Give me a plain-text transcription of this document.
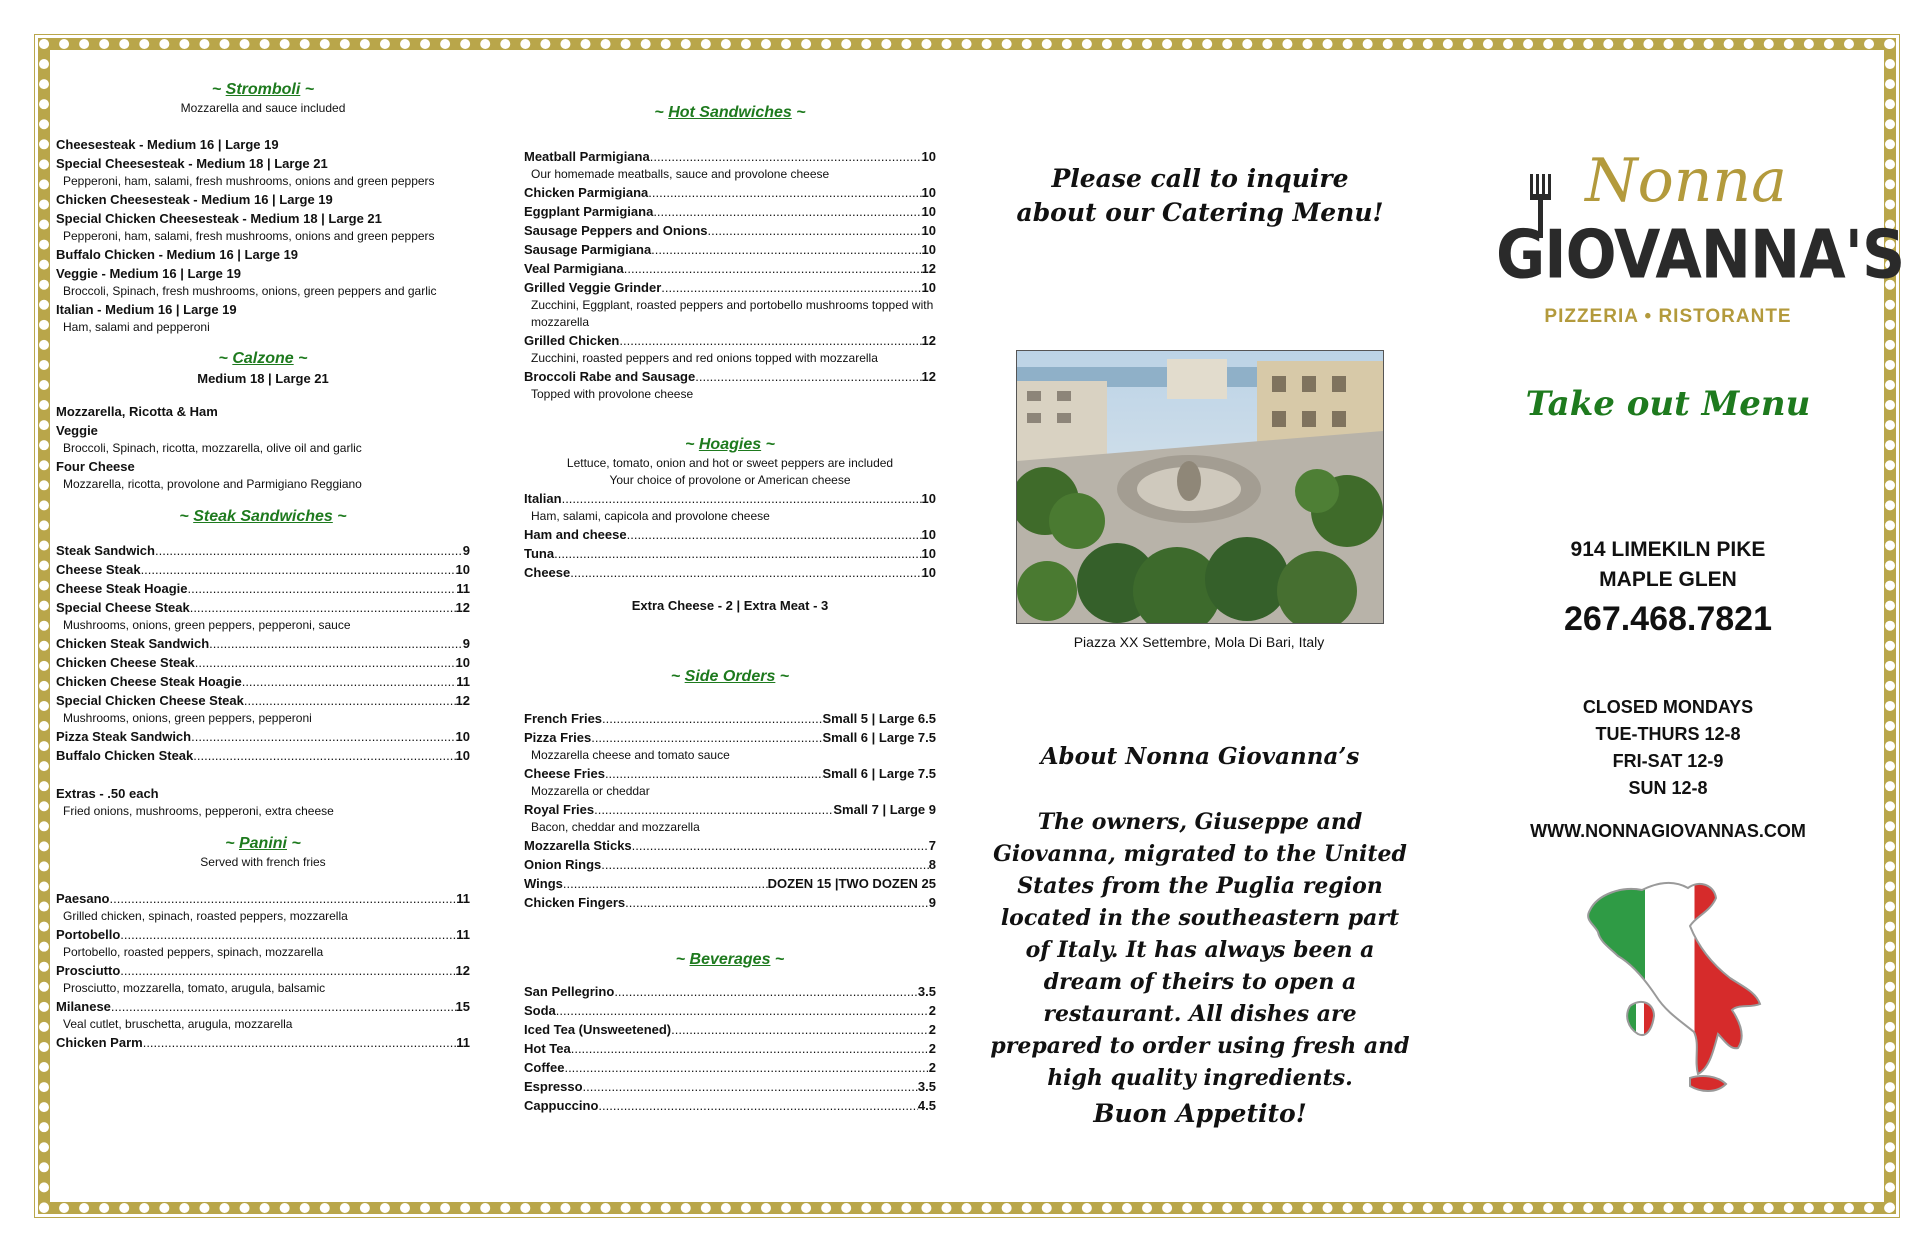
~ Stromboli ~
Mozzarella and sauce included
Cheesesteak - Medium 16 | Large 19
Special Cheesesteak - Medium 18 | Large 21
Pepperoni, ham, salami, fresh mushrooms, onions and green peppers
Chicken Cheesesteak - Medium 16 | Large 19
Special Chicken Cheesesteak - Medium 18 | Large 21
Pepperoni, ham, salami, fresh mushrooms, onions and green peppers
Buffalo Chicken - Medium 16 | Large 19
Veggie - Medium 16 | Large 19
Broccoli, Spinach, fresh mushrooms, onions, green peppers and garlic
Italian - Medium 16 | Large 19
Ham, salami and pepperoni
~ Calzone ~
Medium 18 | Large 21
Mozzarella, Ricotta & Ham
Veggie
Broccoli, Spinach, ricotta, mozzarella, olive oil and garlic
Four Cheese
Mozzarella, ricotta, provolone and Parmigiano Reggiano
~ Steak Sandwiches ~
Steak Sandwich .....	9
Cheese Steak .....	10
Cheese Steak Hoagie .....	11
Special Cheese Steak .....	12
Mushrooms, onions, green peppers, pepperoni, sauce
Chicken Steak Sandwich .....	9
Chicken Cheese Steak .....	10
Chicken Cheese Steak Hoagie .....	11
Special Chicken Cheese Steak .....	12
Mushrooms, onions, green peppers, pepperoni
Pizza Steak Sandwich .....	10
Buffalo Chicken Steak .....	10
Extras - .50 each
Fried onions, mushrooms, pepperoni, extra cheese
~ Panini ~
Served with french fries
Paesano .....	11
Grilled chicken, spinach, roasted peppers, mozzarella
Portobello .....	11
Portobello, roasted peppers, spinach, mozzarella
Prosciutto .....	12
Prosciutto, mozzarella, tomato, arugula, balsamic
Milanese .....	15
Veal cutlet, bruschetta, arugula, mozzarella
Chicken Parm .....	11
~ Hot Sandwiches ~
Meatball Parmigiana .....	10
Our homemade meatballs, sauce and provolone cheese
Chicken Parmigiana .....	10
Eggplant Parmigiana .....	10
Sausage Peppers and Onions .....	10
Sausage Parmigiana .....	10
Veal Parmigiana .....	12
Grilled Veggie Grinder .....	10
Zucchini, Eggplant, roasted peppers and portobello mushrooms topped with mozzarella
Grilled Chicken .....	12
Zucchini, roasted peppers and red onions topped with mozzarella
Broccoli Rabe and Sausage .....	12
Topped with provolone cheese
~ Hoagies ~
Lettuce, tomato, onion and hot or sweet peppers are included
Your choice of provolone or American cheese
Italian .....	10
Ham, salami, capicola and provolone cheese
Ham and cheese .....	10
Tuna .....	10
Cheese .....	10
Extra Cheese - 2 | Extra Meat - 3
~ Side Orders ~
French Fries .....	Small 5 | Large 6.5
Pizza Fries .....	Small 6 | Large 7.5
Mozzarella cheese and tomato sauce
Cheese Fries .....	Small 6 | Large 7.5
Mozzarella or cheddar
Royal Fries .....	Small 7 | Large 9
Bacon, cheddar and mozzarella
Mozzarella Sticks .....	7
Onion Rings .....	8
Wings .....	DOZEN 15 |TWO DOZEN 25
Chicken Fingers .....	9
~ Beverages ~
San Pellegrino .....	3.5
Soda .....	2
Iced Tea (Unsweetened) .....	2
Hot Tea .....	2
Coffee .....	2
Espresso .....	3.5
Cappuccino .....	4.5
Please call to inquire about our Catering Menu!
Piazza XX Settembre, Mola Di Bari, Italy
About Nonna Giovanna’s
The owners, Giuseppe and Giovanna, migrated to the United States from the Puglia region located in the southeastern part of Italy. It has always been a dream of theirs to open a restaurant. All dishes are prepared to order using fresh and high quality ingredients.
Buon Appetito!
Nonna
GIOVANNA'S
PIZZERIA • RISTORANTE
Take out Menu
914 LIMEKILN PIKE
MAPLE GLEN
267.468.7821
CLOSED MONDAYS
TUE-THURS 12-8
FRI-SAT 12-9
SUN 12-8
WWW.NONNAGIOVANNAS.COM
